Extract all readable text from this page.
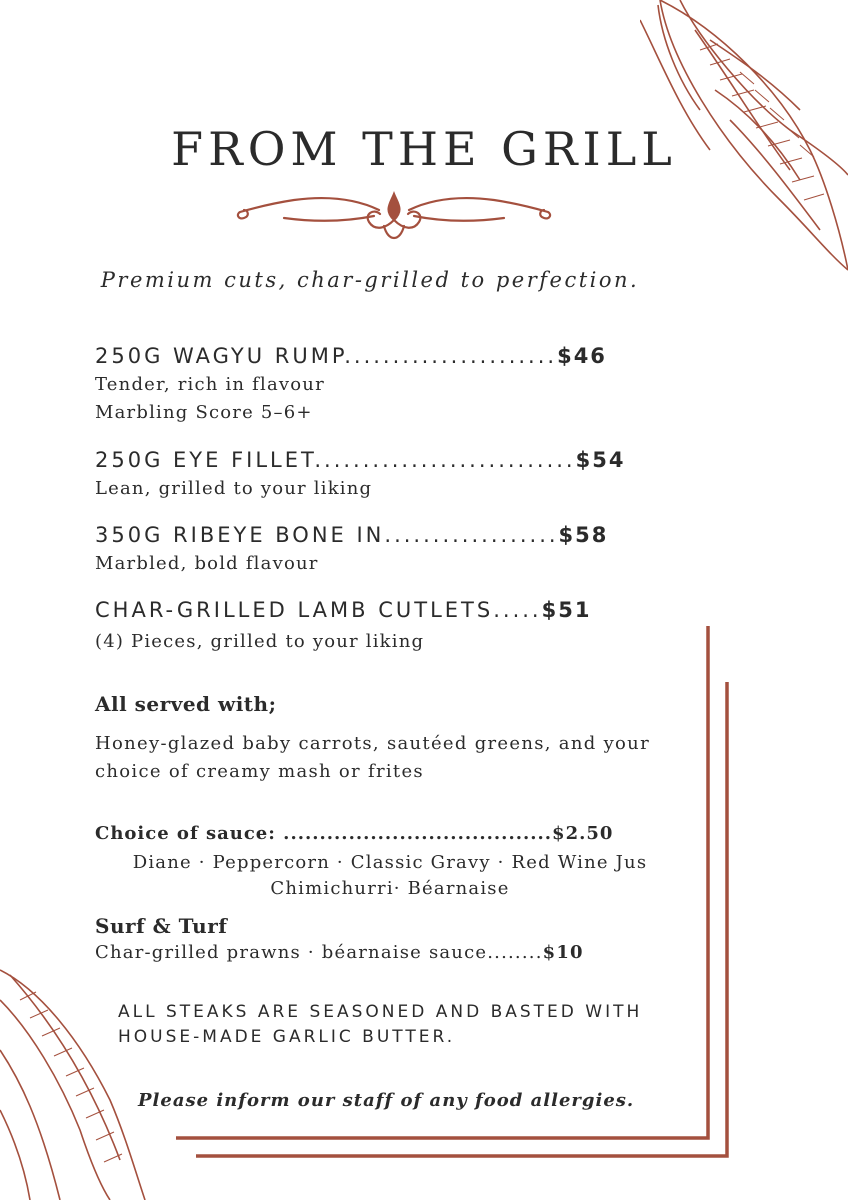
FROM THE GRILL
Premium cuts, char-grilled to perfection.
250G WAGYU RUMP......................$46
Tender, rich in flavour
Marbling Score 5–6+
250G EYE FILLET...........................$54
Lean, grilled to your liking
350G RIBEYE BONE IN..................$58
Marbled, bold flavour
CHAR-GRILLED LAMB CUTLETS.....$51
(4) Pieces, grilled to your liking
All served with;
Honey-glazed baby carrots, sautéed greens, and your choice of creamy mash or frites
Choice of sauce: .....................................$2.50
Diane · Peppercorn · Classic Gravy · Red Wine Jus
Chimichurri· Béarnaise
Surf & Turf
Char-grilled prawns · béarnaise sauce........$10
ALL STEAKS ARE SEASONED AND BASTED WITH HOUSE-MADE GARLIC BUTTER.
Please inform our staff of any food allergies.
